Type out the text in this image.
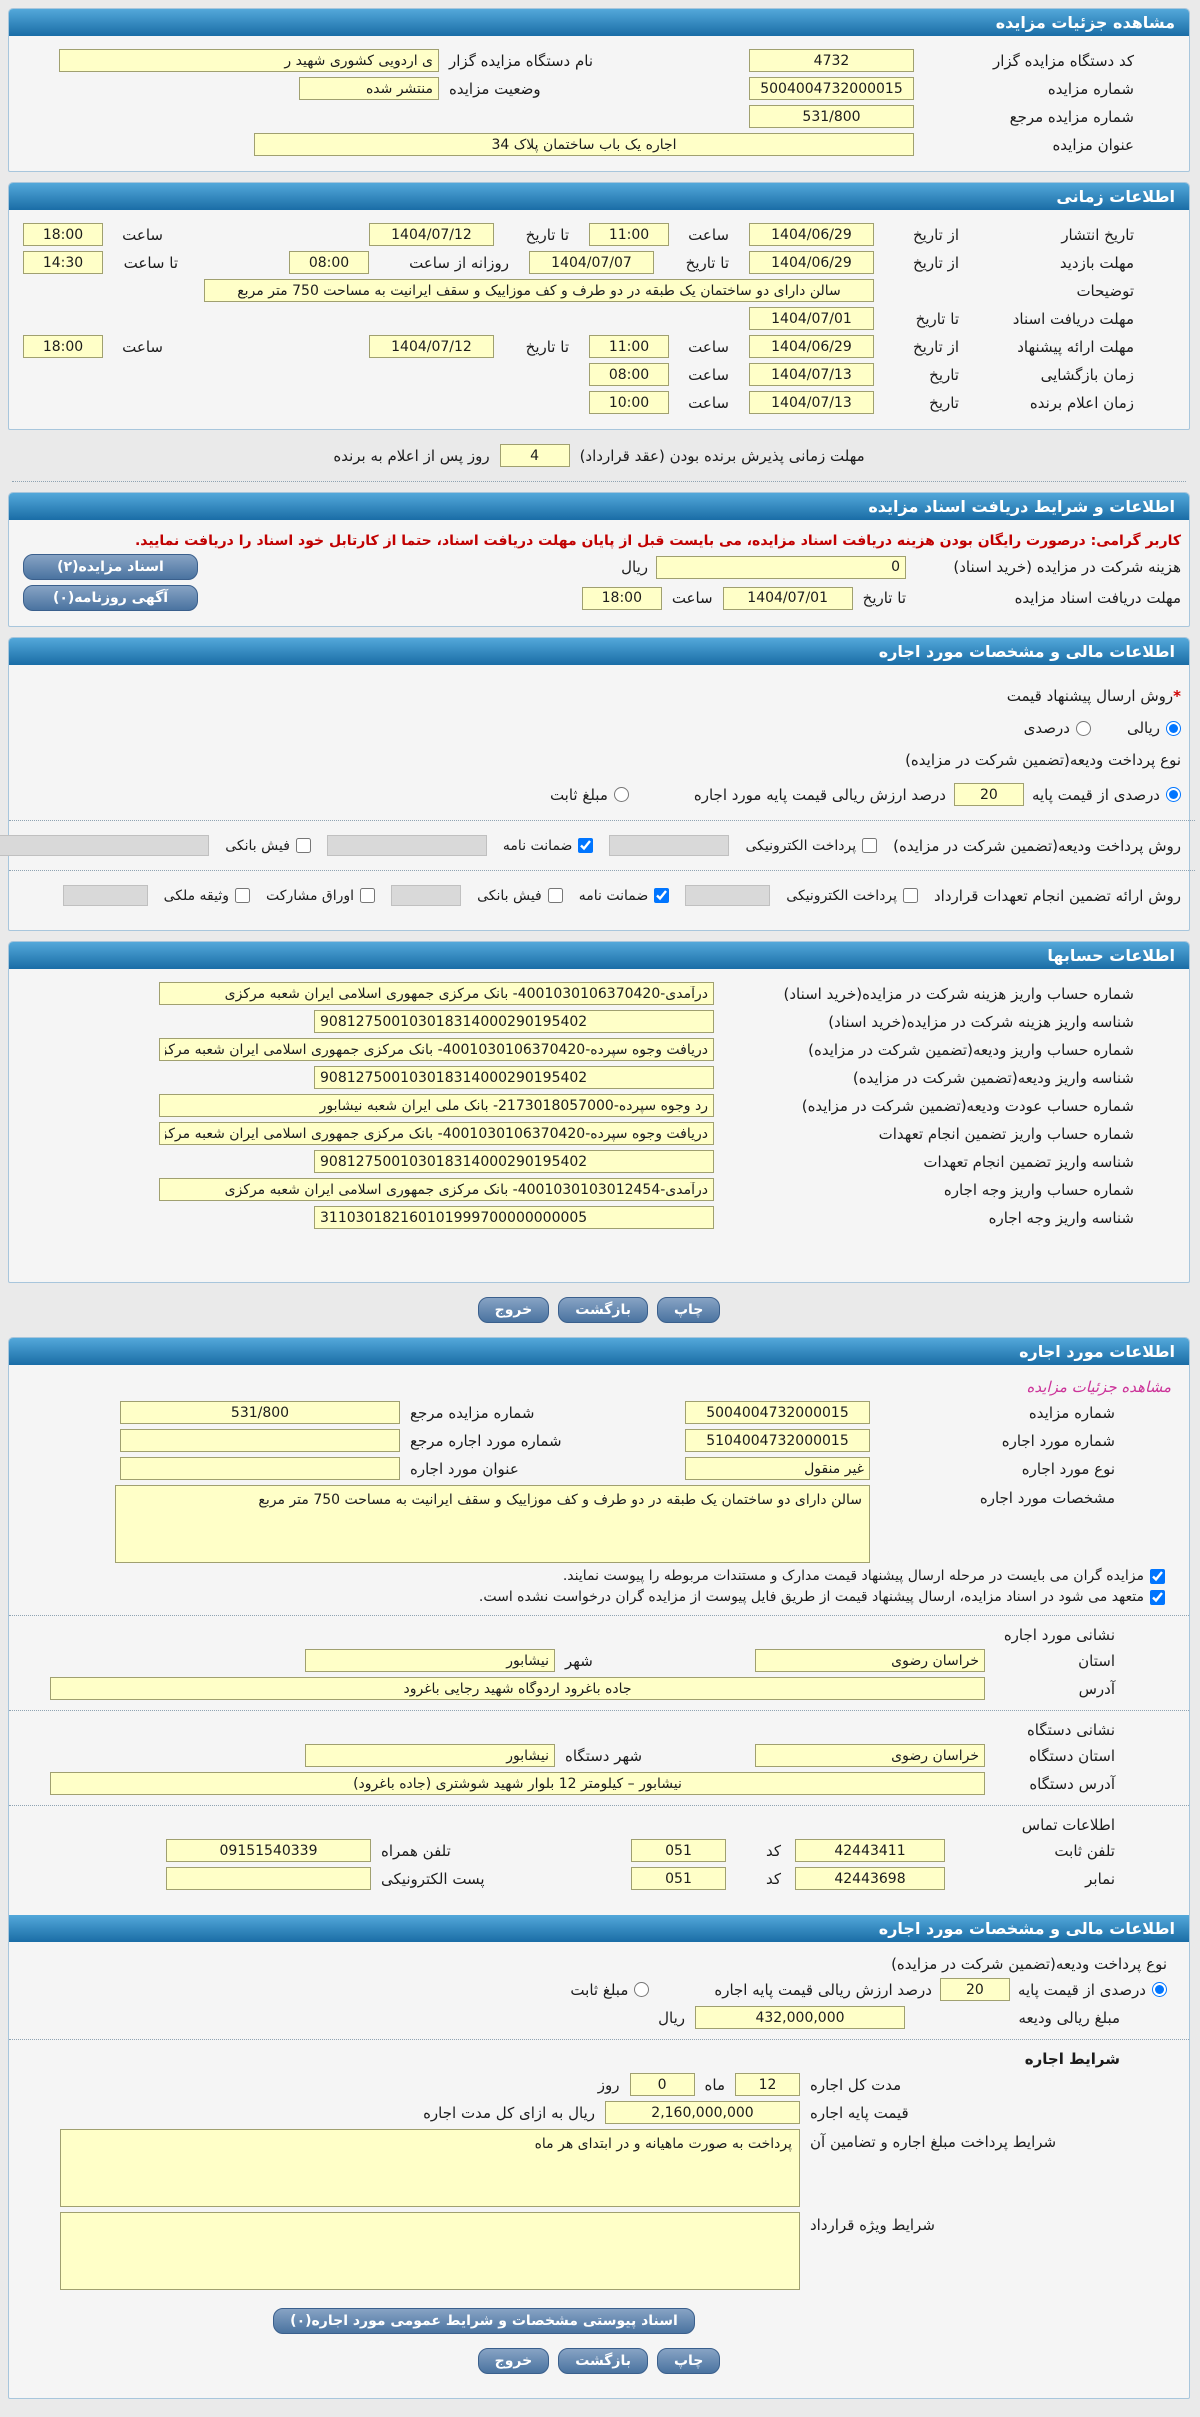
مشاهده جزئیات مزایده
کد دستگاه مزایده گزار
4732
نام دستگاه مزایده گزار
ی اردویی کشوری شهید ر
شماره مزایده
5004004732000015
وضعیت مزایده
منتشر شده
شماره مزایده مرجع
531/800
عنوان مزایده
اجاره یک باب ساختمان پلاک 34
اطلاعات زمانی
تاریخ انتشار
از تاریخ
1404/06/29
ساعت
11:00
تا تاریخ
1404/07/12
ساعت
18:00
مهلت بازدید
از تاریخ
1404/06/29
تا تاریخ
1404/07/07
روزانه از ساعت
08:00
تا ساعت
14:30
توضیحات
سالن دارای دو ساختمان یک طبقه در دو طرف و کف موزاییک و سقف ایرانیت به مساحت 750 متر مربع
مهلت دریافت اسناد
تا تاریخ
1404/07/01
مهلت ارائه پیشنهاد
از تاریخ
1404/06/29
ساعت
11:00
تا تاریخ
1404/07/12
ساعت
18:00
زمان بازگشایی
تاریخ
1404/07/13
ساعت
08:00
زمان اعلام برنده
تاریخ
1404/07/13
ساعت
10:00
مهلت زمانی پذیرش برنده بودن (عقد قرارداد)
4
روز پس از اعلام به برنده
اطلاعات و شرایط دریافت اسناد مزایده
کاربر گرامی: درصورت رایگان بودن هزینه دریافت اسناد مزایده، می بایست قبل از پایان مهلت دریافت اسناد، حتما از کارتابل خود اسناد را دریافت نمایید.
هزینه شرکت در مزایده (خرید اسناد)
0
ریال
اسناد مزایده(۲)
مهلت دریافت اسناد مزایده
تا تاریخ
1404/07/01
ساعت
18:00
آگهی روزنامه(۰)
اطلاعات مالی و مشخصات مورد اجاره
*
روش ارسال پیشنهاد قیمت
ریالی
درصدی
نوع پرداخت ودیعه(تضمین شرکت در مزایده)
درصدی از قیمت پایه
20
درصد ارزش ریالی قیمت پایه مورد اجاره
مبلغ ثابت
روش پرداخت ودیعه(تضمین شرکت در مزایده)
پرداخت الکترونیکی
ضمانت نامه
فیش بانکی
روش ارائه تضمین انجام تعهدات قرارداد
پرداخت الکترونیکی
ضمانت نامه
فیش بانکی
اوراق مشارکت
وثیقه ملکی
اطلاعات حسابها
شماره حساب واریز هزینه شرکت در مزایده(خرید اسناد)
درآمدی-4001030106370420- بانک مرکزی جمهوری اسلامی ایران شعبه مرکزی
شناسه واریز هزینه شرکت در مزایده(خرید اسناد)
908127500103018314000290195402
شماره حساب واریز ودیعه(تضمین شرکت در مزایده)
دریافت وجوه سپرده-4001030106370420- بانک مرکزی جمهوری اسلامی ایران شعبه مرکزی
شناسه واریز ودیعه(تضمین شرکت در مزایده)
908127500103018314000290195402
شماره حساب عودت ودیعه(تضمین شرکت در مزایده)
رد وجوه سپرده-2173018057000- بانک ملی ایران شعبه نیشابور
شماره حساب واریز تضمین انجام تعهدات
دریافت وجوه سپرده-4001030106370420- بانک مرکزی جمهوری اسلامی ایران شعبه مرکزی
شناسه واریز تضمین انجام تعهدات
908127500103018314000290195402
شماره حساب واریز وجه اجاره
درآمدی-4001030103012454- بانک مرکزی جمهوری اسلامی ایران شعبه مرکزی
شناسه واریز وجه اجاره
311030182160101999700000000005
چاپ
بازگشت
خروج
اطلاعات مورد اجاره
مشاهده جزئیات مزایده
شماره مزایده
5004004732000015
شماره مزایده مرجع
531/800
شماره مورد اجاره
5104004732000015
شماره مورد اجاره مرجع
نوع مورد اجاره
غیر منقول
عنوان مورد اجاره
مشخصات مورد اجاره
سالن دارای دو ساختمان یک طبقه در دو طرف و کف موزاییک و سقف ایرانیت به مساحت 750 متر مربع
مزایده گران می بایست در مرحله ارسال پیشنهاد قیمت مدارک و مستندات مربوطه را پیوست نمایند.
متعهد می شود در اسناد مزایده، ارسال پیشنهاد قیمت از طریق فایل پیوست از مزایده گران درخواست نشده است.
نشانی مورد اجاره
استان
خراسان رضوی
شهر
نیشابور
آدرس
جاده باغرود اردوگاه شهید رجایی باغرود
نشانی دستگاه
استان دستگاه
خراسان رضوی
شهر دستگاه
نیشابور
آدرس دستگاه
نیشابور – کیلومتر 12 بلوار شهید شوشتری (جاده باغرود)
اطلاعات تماس
تلفن ثابت
42443411
کد
051
تلفن همراه
09151540339
نمابر
42443698
کد
051
پست الکترونیکی
اطلاعات مالی و مشخصات مورد اجاره
نوع پرداخت ودیعه(تضمین شرکت در مزایده)
درصدی از قیمت پایه
20
درصد ارزش ریالی قیمت پایه اجاره
مبلغ ثابت
مبلغ ریالی ودیعه
432,000,000
ریال
شرایط اجاره
مدت کل اجاره
12
ماه
0
روز
قیمت پایه اجاره
2,160,000,000
ریال به ازای کل مدت اجاره
شرایط پرداخت مبلغ اجاره و تضامین آن
پرداخت به صورت ماهیانه و در ابتدای هر ماه
شرایط ویژه قرارداد
اسناد پیوستی مشخصات و شرایط عمومی مورد اجاره(۰)
چاپ
بازگشت
خروج
